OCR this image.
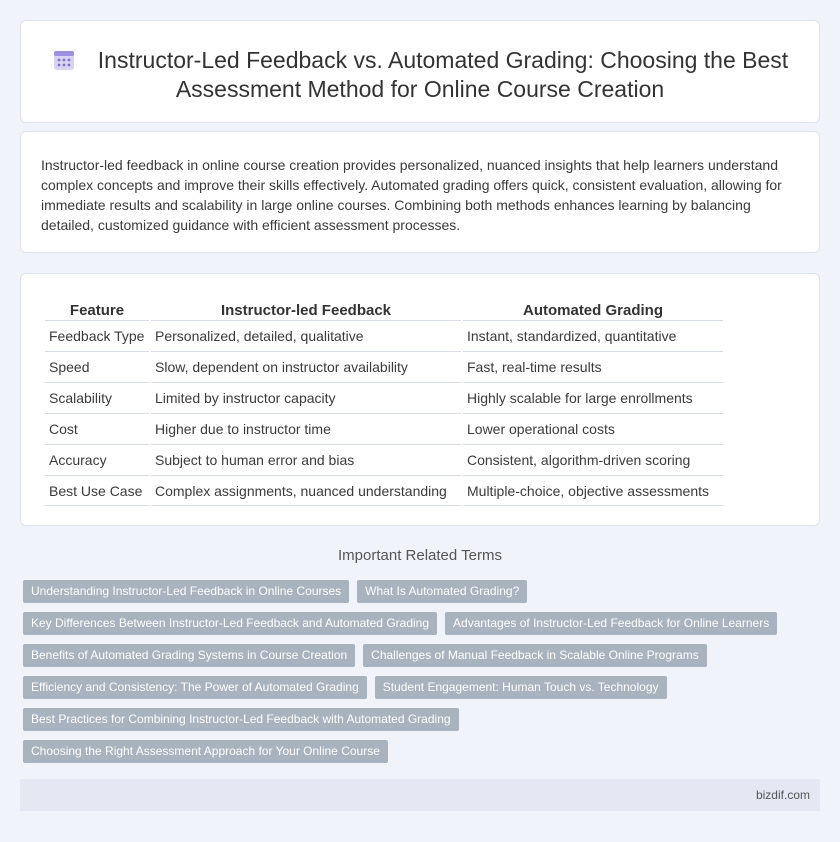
Instructor-Led Feedback vs. Automated Grading: Choosing the Best Assessment Method for Online Course Creation

Instructor-led feedback in online course creation provides personalized, nuanced insights that help learners understand complex concepts and improve their skills effectively. Automated grading offers quick, consistent evaluation, allowing for immediate results and scalability in large online courses. Combining both methods enhances learning by balancing detailed, customized guidance with efficient assessment processes.

Feature	Instructor-led Feedback	Automated Grading
Feedback Type	Personalized, detailed, qualitative	Instant, standardized, quantitative
Speed	Slow, dependent on instructor availability	Fast, real-time results
Scalability	Limited by instructor capacity	Highly scalable for large enrollments
Cost	Higher due to instructor time	Lower operational costs
Accuracy	Subject to human error and bias	Consistent, algorithm-driven scoring
Best Use Case	Complex assignments, nuanced understanding	Multiple-choice, objective assessments
Important Related Terms
Understanding Instructor-Led Feedback in Online Courses	What Is Automated Grading?
Key Differences Between Instructor-Led Feedback and Automated Grading	Advantages of Instructor-Led Feedback for Online Learners
Benefits of Automated Grading Systems in Course Creation	Challenges of Manual Feedback in Scalable Online Programs
Efficiency and Consistency: The Power of Automated Grading	Student Engagement: Human Touch vs. Technology
Best Practices for Combining Instructor-Led Feedback with Automated Grading
Choosing the Right Assessment Approach for Your Online Course
bizdif.com
